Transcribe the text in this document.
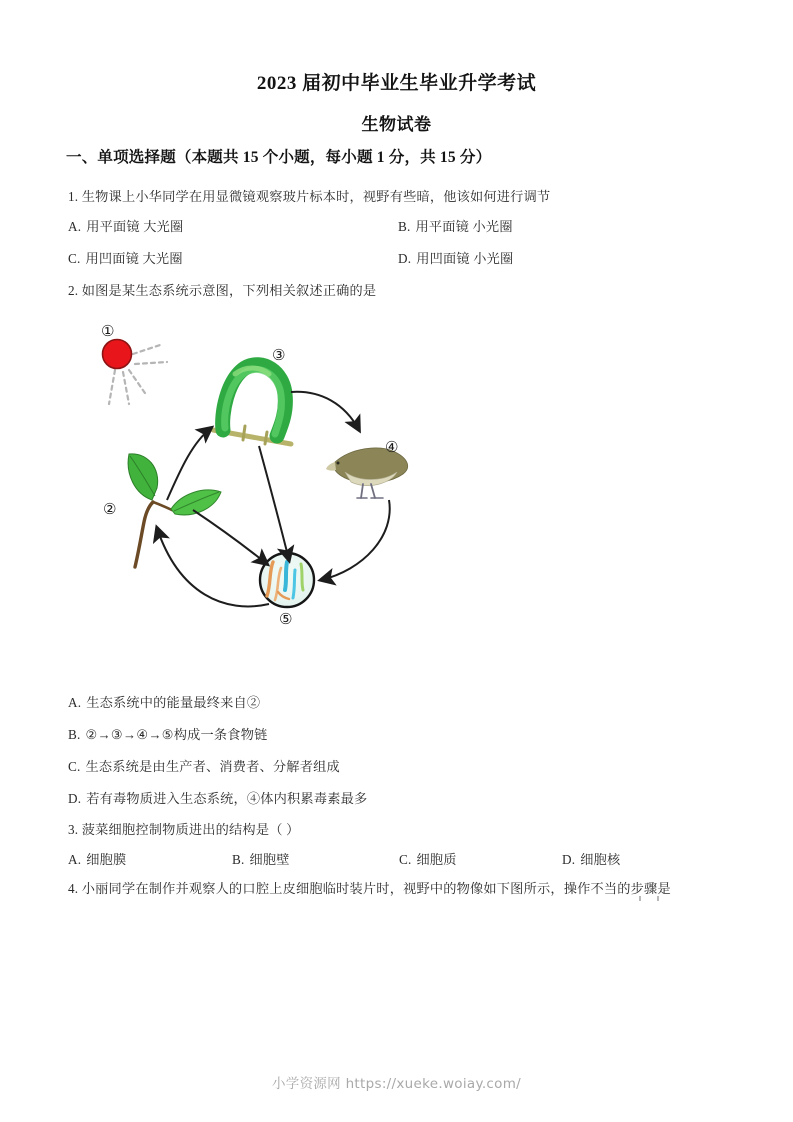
2023 届初中毕业生毕业升学考试
生物试卷
一、单项选择题（本题共 15 个小题，每小题 1 分，共 15 分）
1. 生物课上小华同学在用显微镜观察玻片标本时，视野有些暗，他该如何进行调节
A. 用平面镜 大光圈	B. 用平面镜 小光圈
C. 用凹面镜 大光圈	D. 用凹面镜 小光圈
2. 如图是某生态系统示意图，下列相关叙述正确的是
①
②
③
④
⑤
A. 生态系统中的能量最终来自②
B. ②→③→④→⑤构成一条食物链
C. 生态系统是由生产者、消费者、分解者组成
D. 若有毒物质进入生态系统，④体内积累毒素最多
3. 菠菜细胞控制物质进出的结构是（ ）
A. 细胞膜	B. 细胞壁	C. 细胞质	D. 细胞核
4. 小丽同学在制作并观察人的口腔上皮细胞临时装片时，视野中的物像如下图所示，操作不当的步骤是
小学资源网 https://xueke.woiay.com/
